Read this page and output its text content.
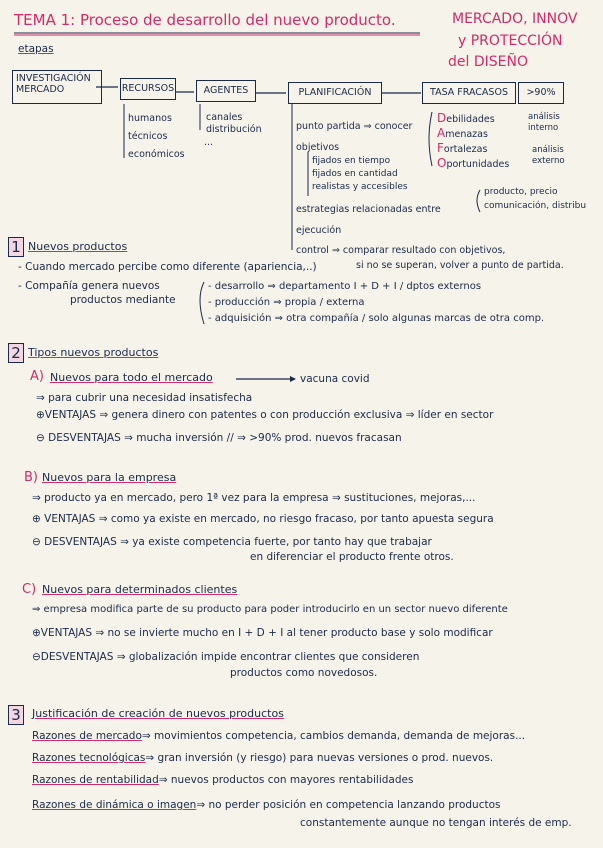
TEMA 1: Proceso de desarrollo del nuevo producto.	MERCADO, INNOV
y PROTECCIÓN
del DISEÑO
etapas
INVESTIGACIÓN MERCADO	RECURSOS	AGENTES	PLANIFICACIÓN	TASA FRACASOS	>90%
humanos
técnicos
económicos
canales distribución
...
punto partida ⇒ conocer
objetivos
fijados en tiempo
fijados en cantidad
realistas y accesibles
estrategias relacionadas entre
producto, precio
comunicación, distribu
ejecución
control ⇒ comparar resultado con objetivos,
si no se superan, volver a punto de partida.
Debilidades
Amenazas
Fortalezas
Oportunidades
análisis interno
análisis externo
1 Nuevos productos
- Cuando mercado percibe como diferente (apariencia,..)
- Compañía genera nuevos
productos mediante
- desarrollo ⇒ departamento I + D + I / dptos externos
- producción ⇒ propia / externa
- adquisición ⇒ otra compañía / solo algunas marcas de otra comp.
2 Tipos nuevos productos
A) Nuevos para todo el mercado	vacuna covid
⇒ para cubrir una necesidad insatisfecha
⊕VENTAJAS ⇒ genera dinero con patentes o con producción exclusiva ⇒ líder en sector
⊖ DESVENTAJAS ⇒ mucha inversión // ⇒ >90% prod. nuevos fracasan
B) Nuevos para la empresa
⇒ producto ya en mercado, pero 1ª vez para la empresa ⇒ sustituciones, mejoras,...
⊕ VENTAJAS ⇒ como ya existe en mercado, no riesgo fracaso, por tanto apuesta segura
⊖ DESVENTAJAS ⇒ ya existe competencia fuerte, por tanto hay que trabajar
en diferenciar el producto frente otros.
C) Nuevos para determinados clientes
⇒ empresa modifica parte de su producto para poder introducirlo en un sector nuevo diferente
⊕VENTAJAS ⇒ no se invierte mucho en I + D + I al tener producto base y solo modificar
⊖DESVENTAJAS ⇒ globalización impide encontrar clientes que consideren
productos como novedosos.
3 Justificación de creación de nuevos productos
Razones de mercado⇒ movimientos competencia, cambios demanda, demanda de mejoras...
Razones tecnológicas⇒ gran inversión (y riesgo) para nuevas versiones o prod. nuevos.
Razones de rentabilidad⇒ nuevos productos con mayores rentabilidades
Razones de dinámica o imagen⇒ no perder posición en competencia lanzando productos
constantemente aunque no tengan interés de emp.
